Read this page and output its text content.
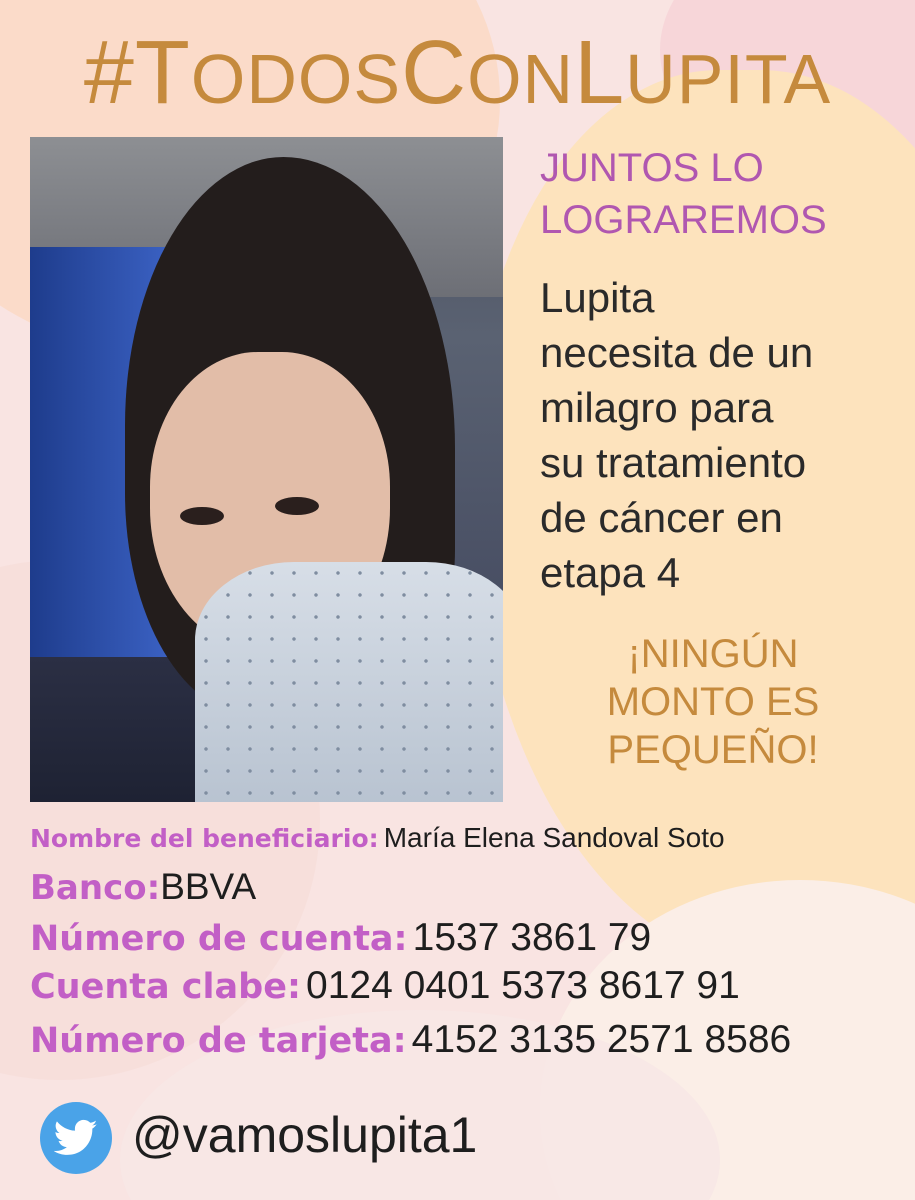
#TODOSCONLUPITA
JUNTOS LO
LOGRAREMOS
Lupita
necesita de un
milagro para
su tratamiento
de cáncer en
etapa 4
¡NINGÚN
MONTO ES
PEQUEÑO!
Nombre del beneficiario: María Elena Sandoval Soto
Banco:BBVA
Número de cuenta: 1537 3861 79
Cuenta clabe: 0124 0401 5373 8617 91
Número de tarjeta: 4152 3135 2571 8586
@vamoslupita1
